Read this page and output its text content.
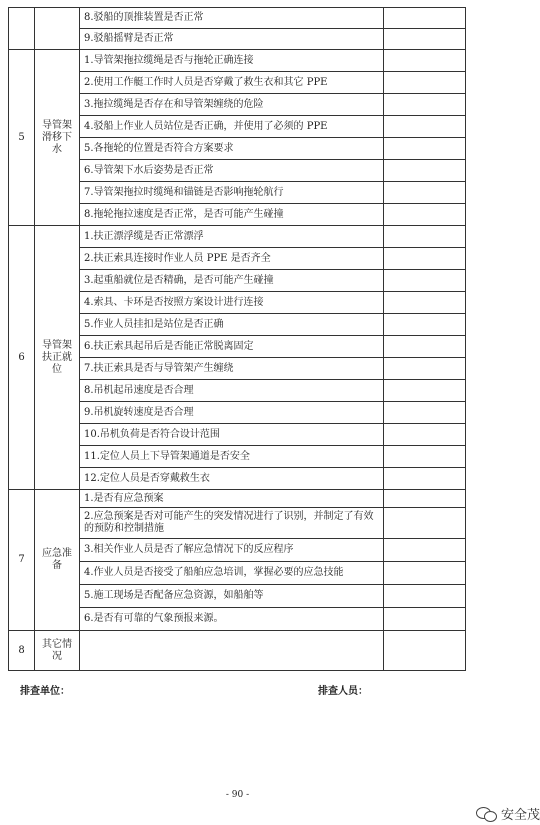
		8.驳船的顶推装置是否正常	
		9.驳船摇臂是否正常	
5	导管架滑移下水	1.导管架拖拉缆绳是否与拖轮正确连接	
		2.使用工作艇工作时人员是否穿戴了救生衣和其它 PPE	
		3.拖拉缆绳是否存在和导管架缠绕的危险	
		4.驳船上作业人员站位是否正确，并使用了必须的 PPE	
		5.各拖轮的位置是否符合方案要求	
		6.导管架下水后姿势是否正常	
		7.导管架拖拉时缆绳和锚链是否影响拖轮航行	
		8.拖轮拖拉速度是否正常，是否可能产生碰撞	
6	导管架扶正就位	1.扶正漂浮缆是否正常漂浮	
		2.扶正索具连接时作业人员 PPE 是否齐全	
		3.起重船就位是否精确，是否可能产生碰撞	
		4.索具、卡环是否按照方案设计进行连接	
		5.作业人员挂扣是站位是否正确	
		6.扶正索具起吊后是否能正常脱离固定	
		7.扶正索具是否与导管架产生缠绕	
		8.吊机起吊速度是否合理	
		9.吊机旋转速度是否合理	
		10.吊机负荷是否符合设计范围	
		11.定位人员上下导管架通道是否安全	
		12.定位人员是否穿戴救生衣	
7	应急准备	1.是否有应急预案	
		2.应急预案是否对可能产生的突发情况进行了识别，并制定了有效的预防和控制措施	
		3.相关作业人员是否了解应急情况下的反应程序	
		4.作业人员是否接受了船舶应急培训，掌握必要的应急技能	
		5.施工现场是否配备应急资源，如船舶等	
		6.是否有可靠的气象预报来源。	
8	其它情况		
排查单位：	排查人员：
- 90 -
安全茂
